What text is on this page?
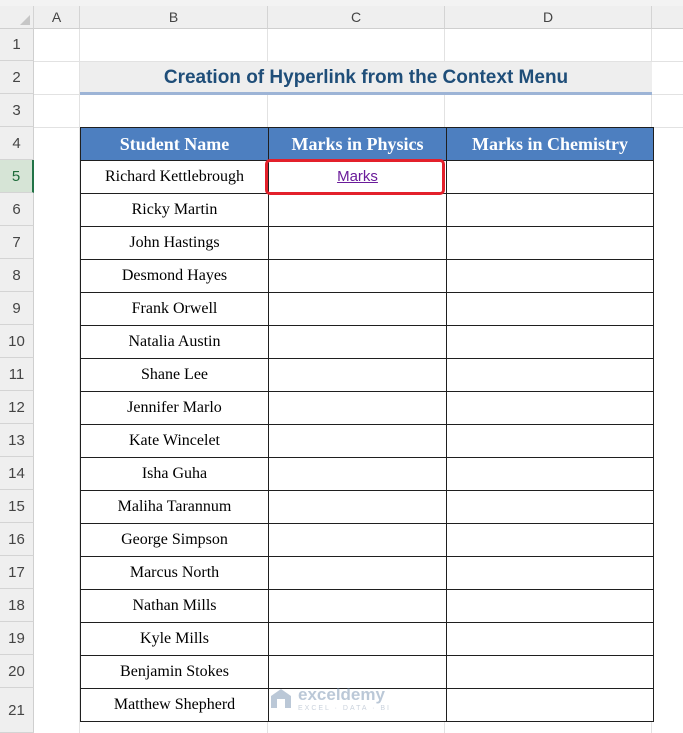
A	B	C	D
1
2
3
4
5
6
7
8
9
10
11
12
13
14
15
16
17
18
19
20
21
Creation of Hyperlink from the Context Menu
Student Name	Marks in Physics	Marks in Chemistry
Richard Kettlebrough	Marks	
Ricky Martin		
John Hastings		
Desmond Hayes		
Frank Orwell		
Natalia Austin		
Shane Lee		
Jennifer Marlo		
Kate Wincelet		
Isha Guha		
Maliha Tarannum		
George Simpson		
Marcus North		
Nathan Mills		
Kyle Mills		
Benjamin Stokes		
Matthew Shepherd		
exceldemy
EXCEL · DATA · BI
